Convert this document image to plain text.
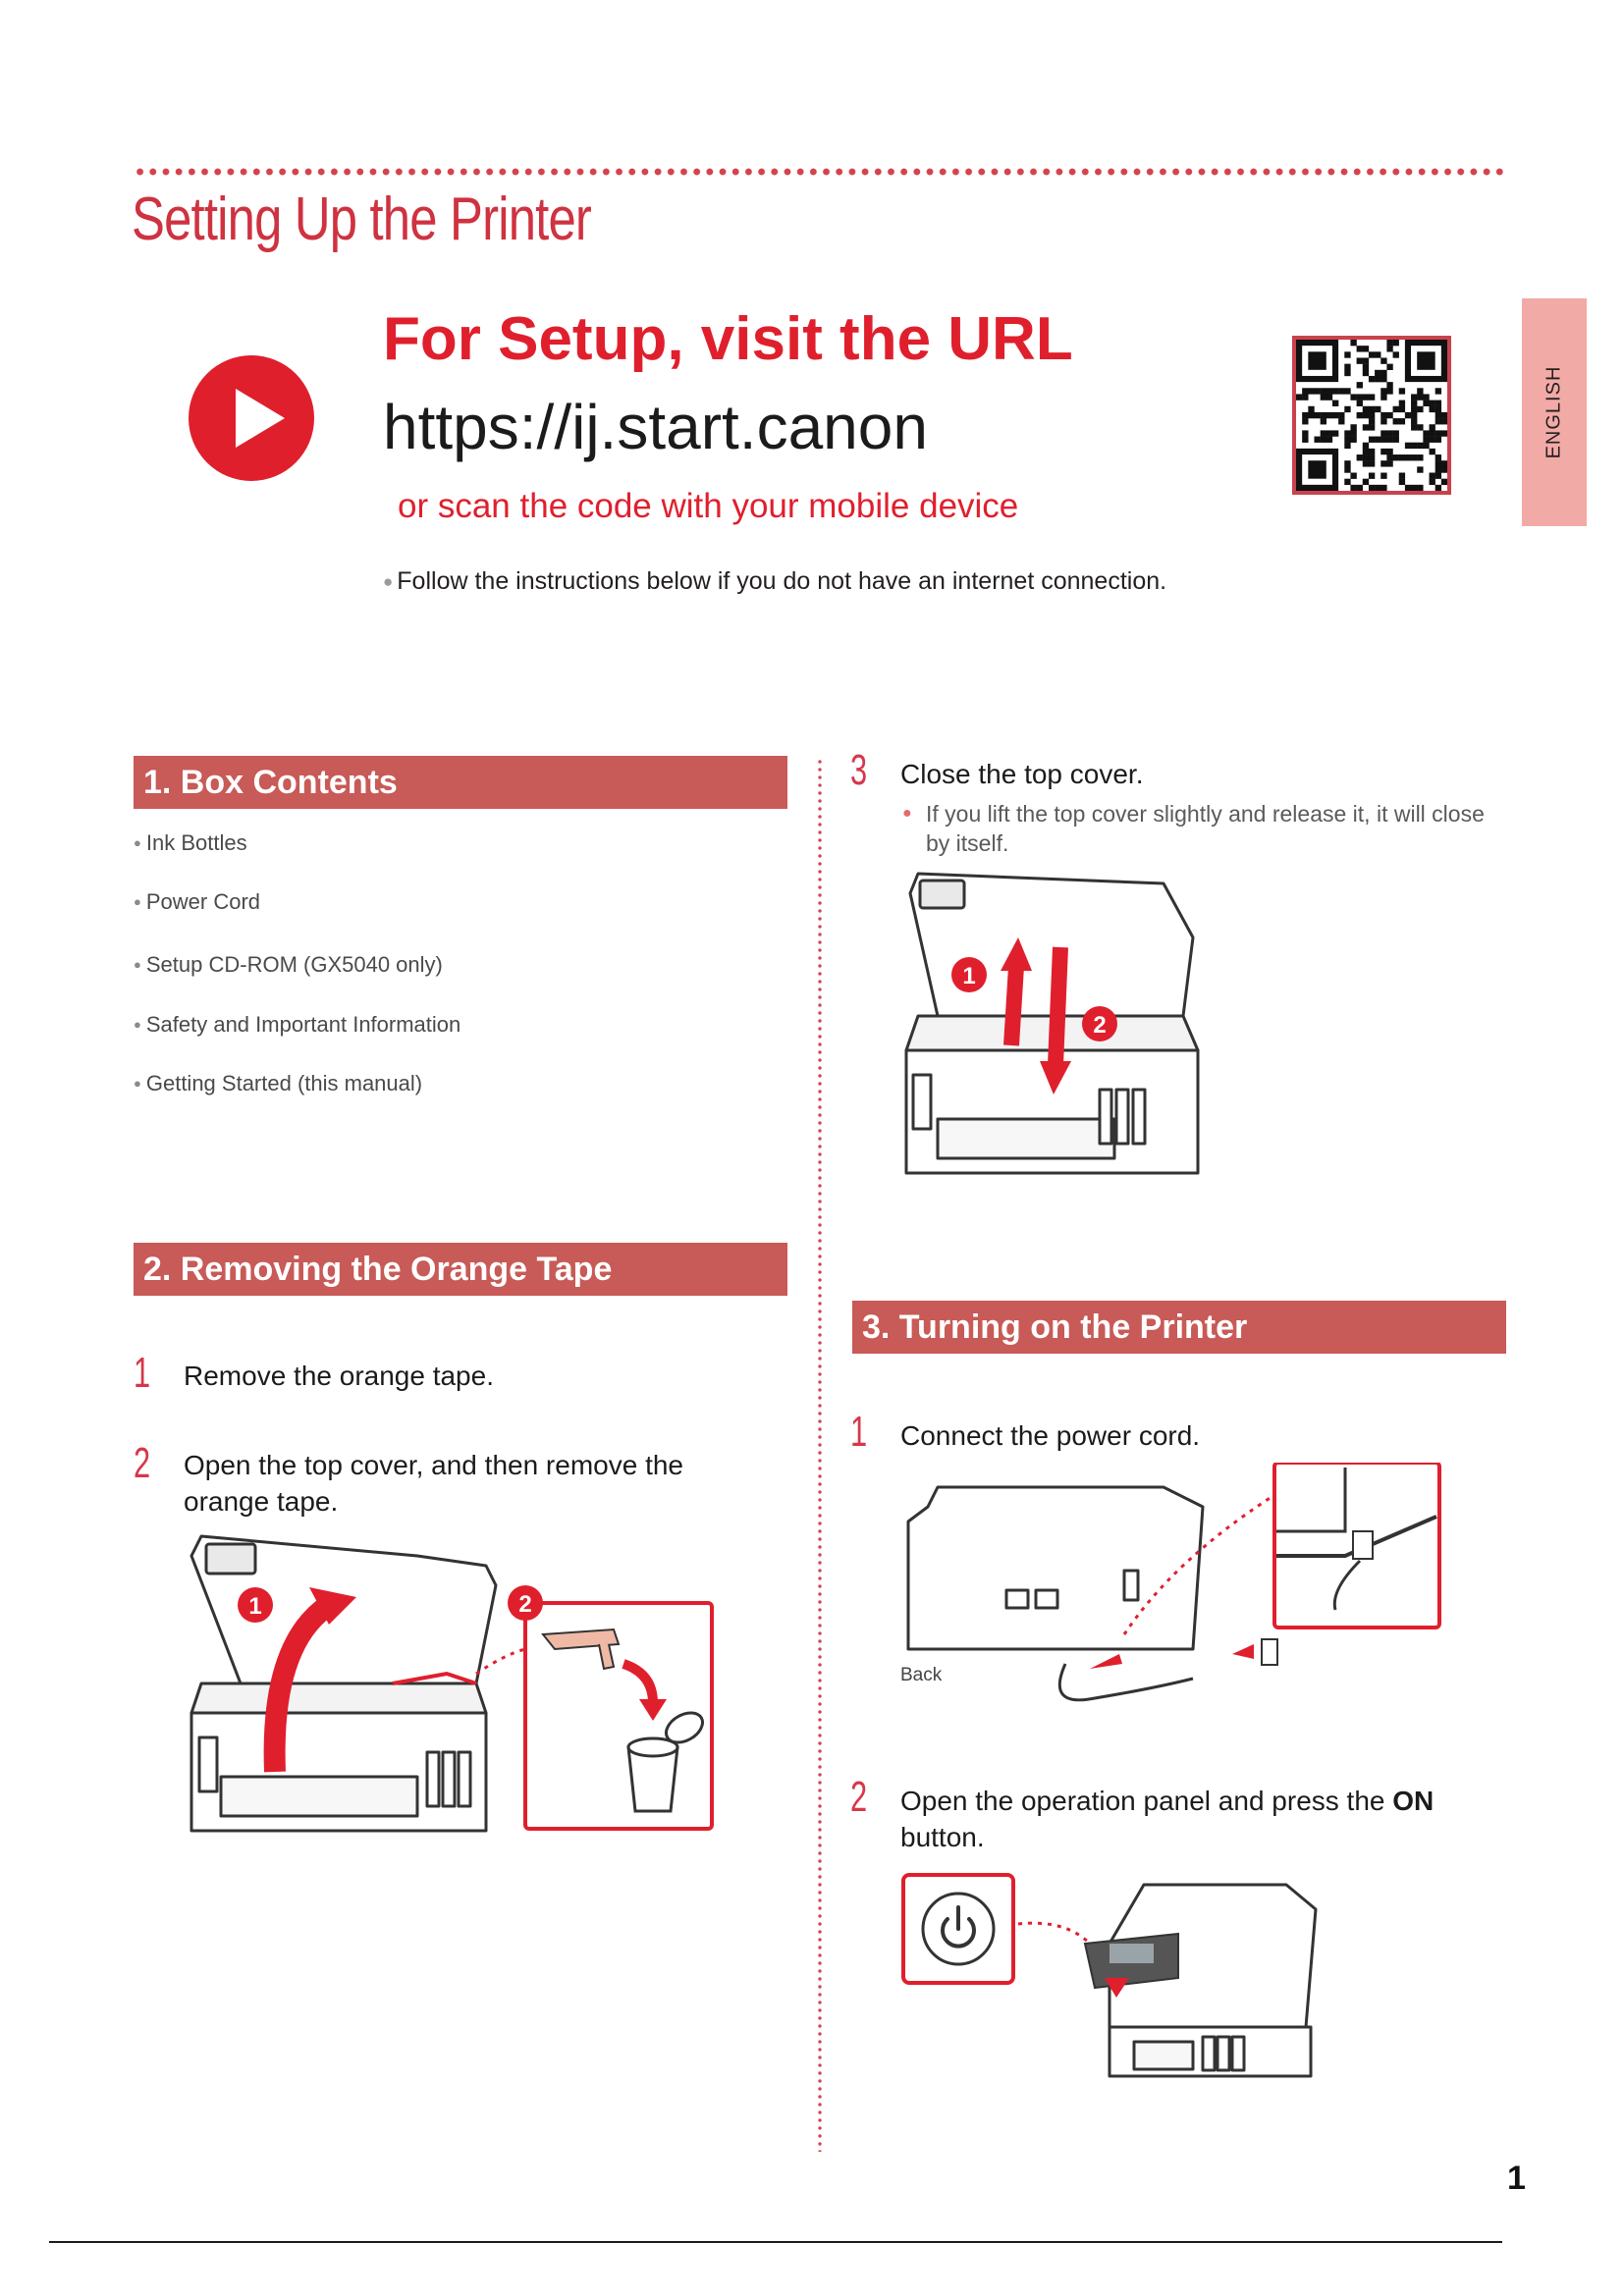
Setting Up the Printer
ENGLISH
For Setup, visit the URL
https://ij.start.canon
or scan the code with your mobile device
● Follow the instructions below if you do not have an internet connection.
1. Box Contents
● Ink Bottles
● Power Cord
● Setup CD-ROM (GX5040 only)
● Safety and Important Information
● Getting Started (this manual)
2. Removing the Orange Tape
1 Remove the orange tape.
2 Open the top cover, and then remove the orange tape.
1	2
3 Close the top cover.
● If you lift the top cover slightly and release it, it will close by itself.
1
2
3. Turning on the Printer
1 Connect the power cord.
Back
2 Open the operation panel and press the ON button.
1
